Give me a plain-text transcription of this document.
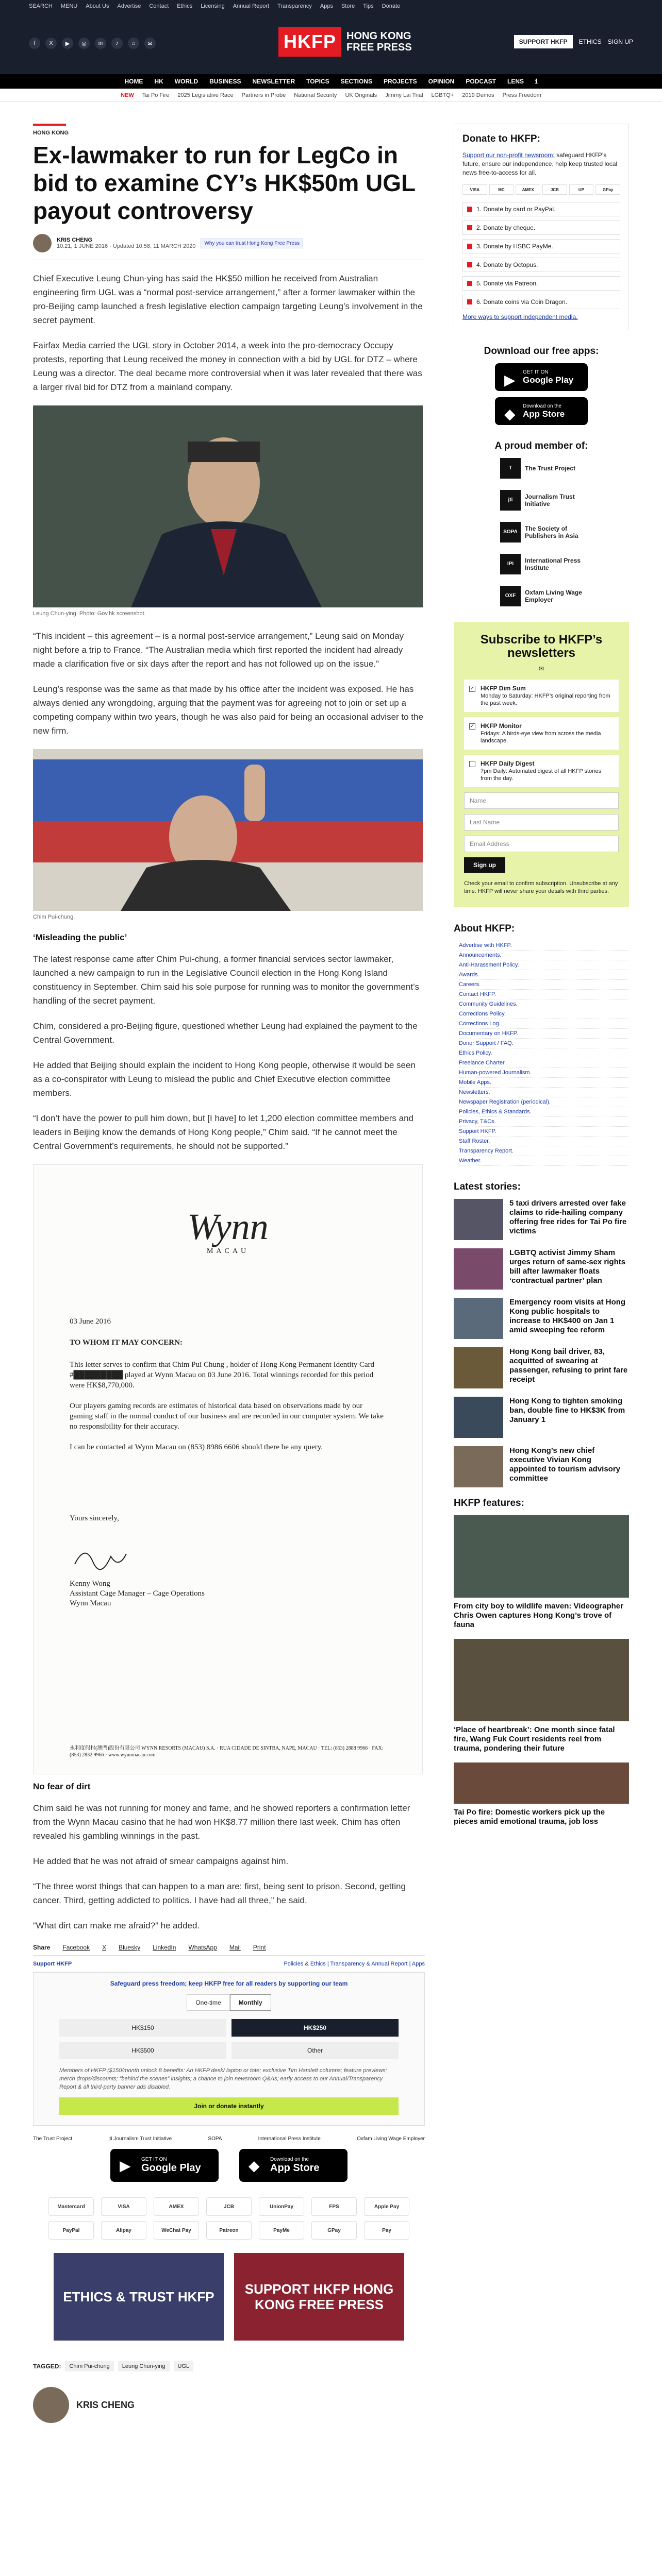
SEARCH MENU About Us Advertise Contact Ethics Licensing Annual Report Transparency Apps Store Tips Donate
f	X	▶	◎	in	♪	⌂	✉	HKFP	HONG KONG
FREE PRESS	SUPPORT HKFP	ETHICS SIGN UP
HOME HK WORLD BUSINESS NEWSLETTER TOPICS SECTIONS PROJECTS OPINION PODCAST LENS ℹ
NEW Tai Po Fire 2025 Legislative Race Partners in Probe National Security UK Originals Jimmy Lai Trial LGBTQ+ 2019 Demos Press Freedom
HONG KONG
Ex-lawmaker to run for LegCo in bid to examine CY’s HK$50m UGL payout controversy
KRIS CHENG
10:21, 1 JUNE 2016 · Updated 10:58, 11 MARCH 2020	Why you can trust Hong Kong Free Press

Chief Executive Leung Chun-ying has said the HK$50 million he received from Australian engineering firm UGL was a “normal post-service arrangement,” after a former lawmaker within the pro-Beijing camp launched a fresh legislative election campaign targeting Leung’s involvement in the secret payment.

Fairfax Media carried the UGL story in October 2014, a week into the pro-democracy Occupy protests, reporting that Leung received the money in connection with a bid by UGL for DTZ – where Leung was a director. The deal became more controversial when it was later revealed that there was a larger rival bid for DTZ from a mainland company.

Leung Chun-ying. Photo: Gov.hk screenshot.

“This incident – this agreement – is a normal post-service arrangement,” Leung said on Monday night before a trip to France. “The Australian media which first reported the incident had already made a clarification five or six days after the report and has not followed up on the issue.”

Leung’s response was the same as that made by his office after the incident was exposed. He has always denied any wrongdoing, arguing that the payment was for agreeing not to join or set up a competing company within two years, though he was also paid for being an occasional adviser to the new firm.

Chim Pui-chung.
‘Misleading the public’

The latest response came after Chim Pui-chung, a former financial services sector lawmaker, launched a new campaign to run in the Legislative Council election in the Hong Kong Island constituency in September. Chim said his sole purpose for running was to monitor the government’s handling of the secret payment.

Chim, considered a pro-Beijing figure, questioned whether Leung had explained the payment to the Central Government.

He added that Beijing should explain the incident to Hong Kong people, otherwise it would be seen as a co-conspirator with Leung to mislead the public and Chief Executive election committee members.

“I don’t have the power to pull him down, but [I have] to let 1,200 election committee members and leaders in Beijing know the demands of Hong Kong people,” Chim said. “If he cannot meet the Central Government’s requirements, he should not be supported.”

Wynn
MACAU
03 June 2016
TO WHOM IT MAY CONCERN:
This letter serves to confirm that Chim Pui Chung , holder of Hong Kong Permanent Identity Card #█████████ played at Wynn Macau on 03 June 2016. Total winnings recorded for this period were HK$8,770,000.
Our players gaming records are estimates of historical data based on observations made by our gaming staff in the normal conduct of our business and are recorded in our computer system. We take no responsibility for their accuracy.
I can be contacted at Wynn Macau on (853) 8986 6606 should there be any query.
Yours sincerely,
Kenny Wong
Assistant Cage Manager – Cage Operations
Wynn Macau
永利度假村(澳門)股份有限公司 WYNN RESORTS (MACAU) S.A. · RUA CIDADE DE SINTRA, NAPE, MACAU · TEL: (853) 2888 9966 · FAX: (853) 2832 9966 · www.wynnmacau.com
No fear of dirt

Chim said he was not running for money and fame, and he showed reporters a confirmation letter from the Wynn Macau casino that he had won HK$8.77 million there last week. Chim has often revealed his gambling winnings in the past.

He added that he was not afraid of smear campaigns against him.

“The three worst things that can happen to a man are: first, being sent to prison. Second, getting cancer. Third, getting addicted to politics. I have had all three,” he said.

“What dirt can make me afraid?” he added.

Share Facebook X Bluesky LinkedIn WhatsApp Mail Print
Support HKFP	Policies & Ethics | Transparency & Annual Report | Apps
Safeguard press freedom; keep HKFP free for all readers by supporting our team
One-time	Monthly
HK$150	HK$250
HK$500	Other
Members of HKFP ($150/month unlock 8 benefits: An HKFP desk/ laptop or tote; exclusive Tim Hamlett columns; feature previews; merch drops/discounts; “behind the scenes” insights; a chance to join newsroom Q&As; early access to our Annual/Transparency Report & all third-party banner ads disabled.
Join or donate instantly
The Trust Project	jti Journalism Trust Initiative	SOPA	International Press Institute	Oxfam Living Wage Employer
▶ GET IT ON
Google Play	◆ Download on the
App Store
Mastercard	VISA	AMEX	JCB	UnionPay	FPS	Apple Pay
PayPal	Alipay	WeChat Pay	Patreon	PayMe	GPay	Pay
ETHICS & TRUST HKFP	SUPPORT HKFP HONG KONG FREE PRESS
TAGGED:	Chim Pui-chung	Leung Chun-ying	UGL
KRIS CHENG
Donate to HKFP:

Support our non-profit newsroom: safeguard HKFP’s future, ensure our independence, help keep trusted local news free-to-access for all.

VISA	MC	AMEX	JCB	UP	GPay
1. Donate by card or PayPal.
2. Donate by cheque.
3. Donate by HSBC PayMe.
4. Donate by Octopus.
5. Donate via Patreon.
6. Donate coins via Coin Dragon.
More ways to support independent media.
Download our free apps:
▶ GET IT ON
Google Play
◆ Download on the
App Store
A proud member of:
T	The Trust Project
jti	Journalism Trust Initiative
SOPA	The Society of Publishers in Asia
IPI	International Press Institute
OXF	Oxfam Living Wage Employer
Subscribe to HKFP’s newsletters
✉
✓ HKFP Dim Sum
Monday to Saturday: HKFP’s original reporting from the past week.
✓ HKFP Monitor
Fridays: A birds-eye view from across the media landscape.
HKFP Daily Digest
7pm Daily: Automated digest of all HKFP stories from the day.
Name
Last Name
Email Address
Sign up
Check your email to confirm subscription. Unsubscribe at any time. HKFP will never share your details with third parties.
About HKFP:
Advertise with HKFP.
Announcements.
Anti-Harassment Policy.
Awards.
Careers.
Contact HKFP.
Community Guidelines.
Corrections Policy.
Corrections Log.
Documentary on HKFP.
Donor Support / FAQ.
Ethics Policy.
Freelance Charter.
Human-powered Journalism.
Mobile Apps.
Newsletters.
Newspaper Registration (periodical).
Policies, Ethics & Standards.
Privacy, T&Cs.
Support HKFP.
Staff Roster.
Transparency Report.
Weather.
Latest stories:
5 taxi drivers arrested over fake claims to ride-hailing company offering free rides for Tai Po fire victims
LGBTQ activist Jimmy Sham urges return of same-sex rights bill after lawmaker floats ‘contractual partner’ plan
Emergency room visits at Hong Kong public hospitals to increase to HK$400 on Jan 1 amid sweeping fee reform
Hong Kong bail driver, 83, acquitted of swearing at passenger, refusing to print fare receipt
Hong Kong to tighten smoking ban, double fine to HK$3K from January 1
Hong Kong’s new chief executive Vivian Kong appointed to tourism advisory committee
HKFP features:
From city boy to wildlife maven: Videographer Chris Owen captures Hong Kong’s trove of fauna
‘Place of heartbreak’: One month since fatal fire, Wang Fuk Court residents reel from trauma, pondering their future
Tai Po fire: Domestic workers pick up the pieces amid emotional trauma, job loss
